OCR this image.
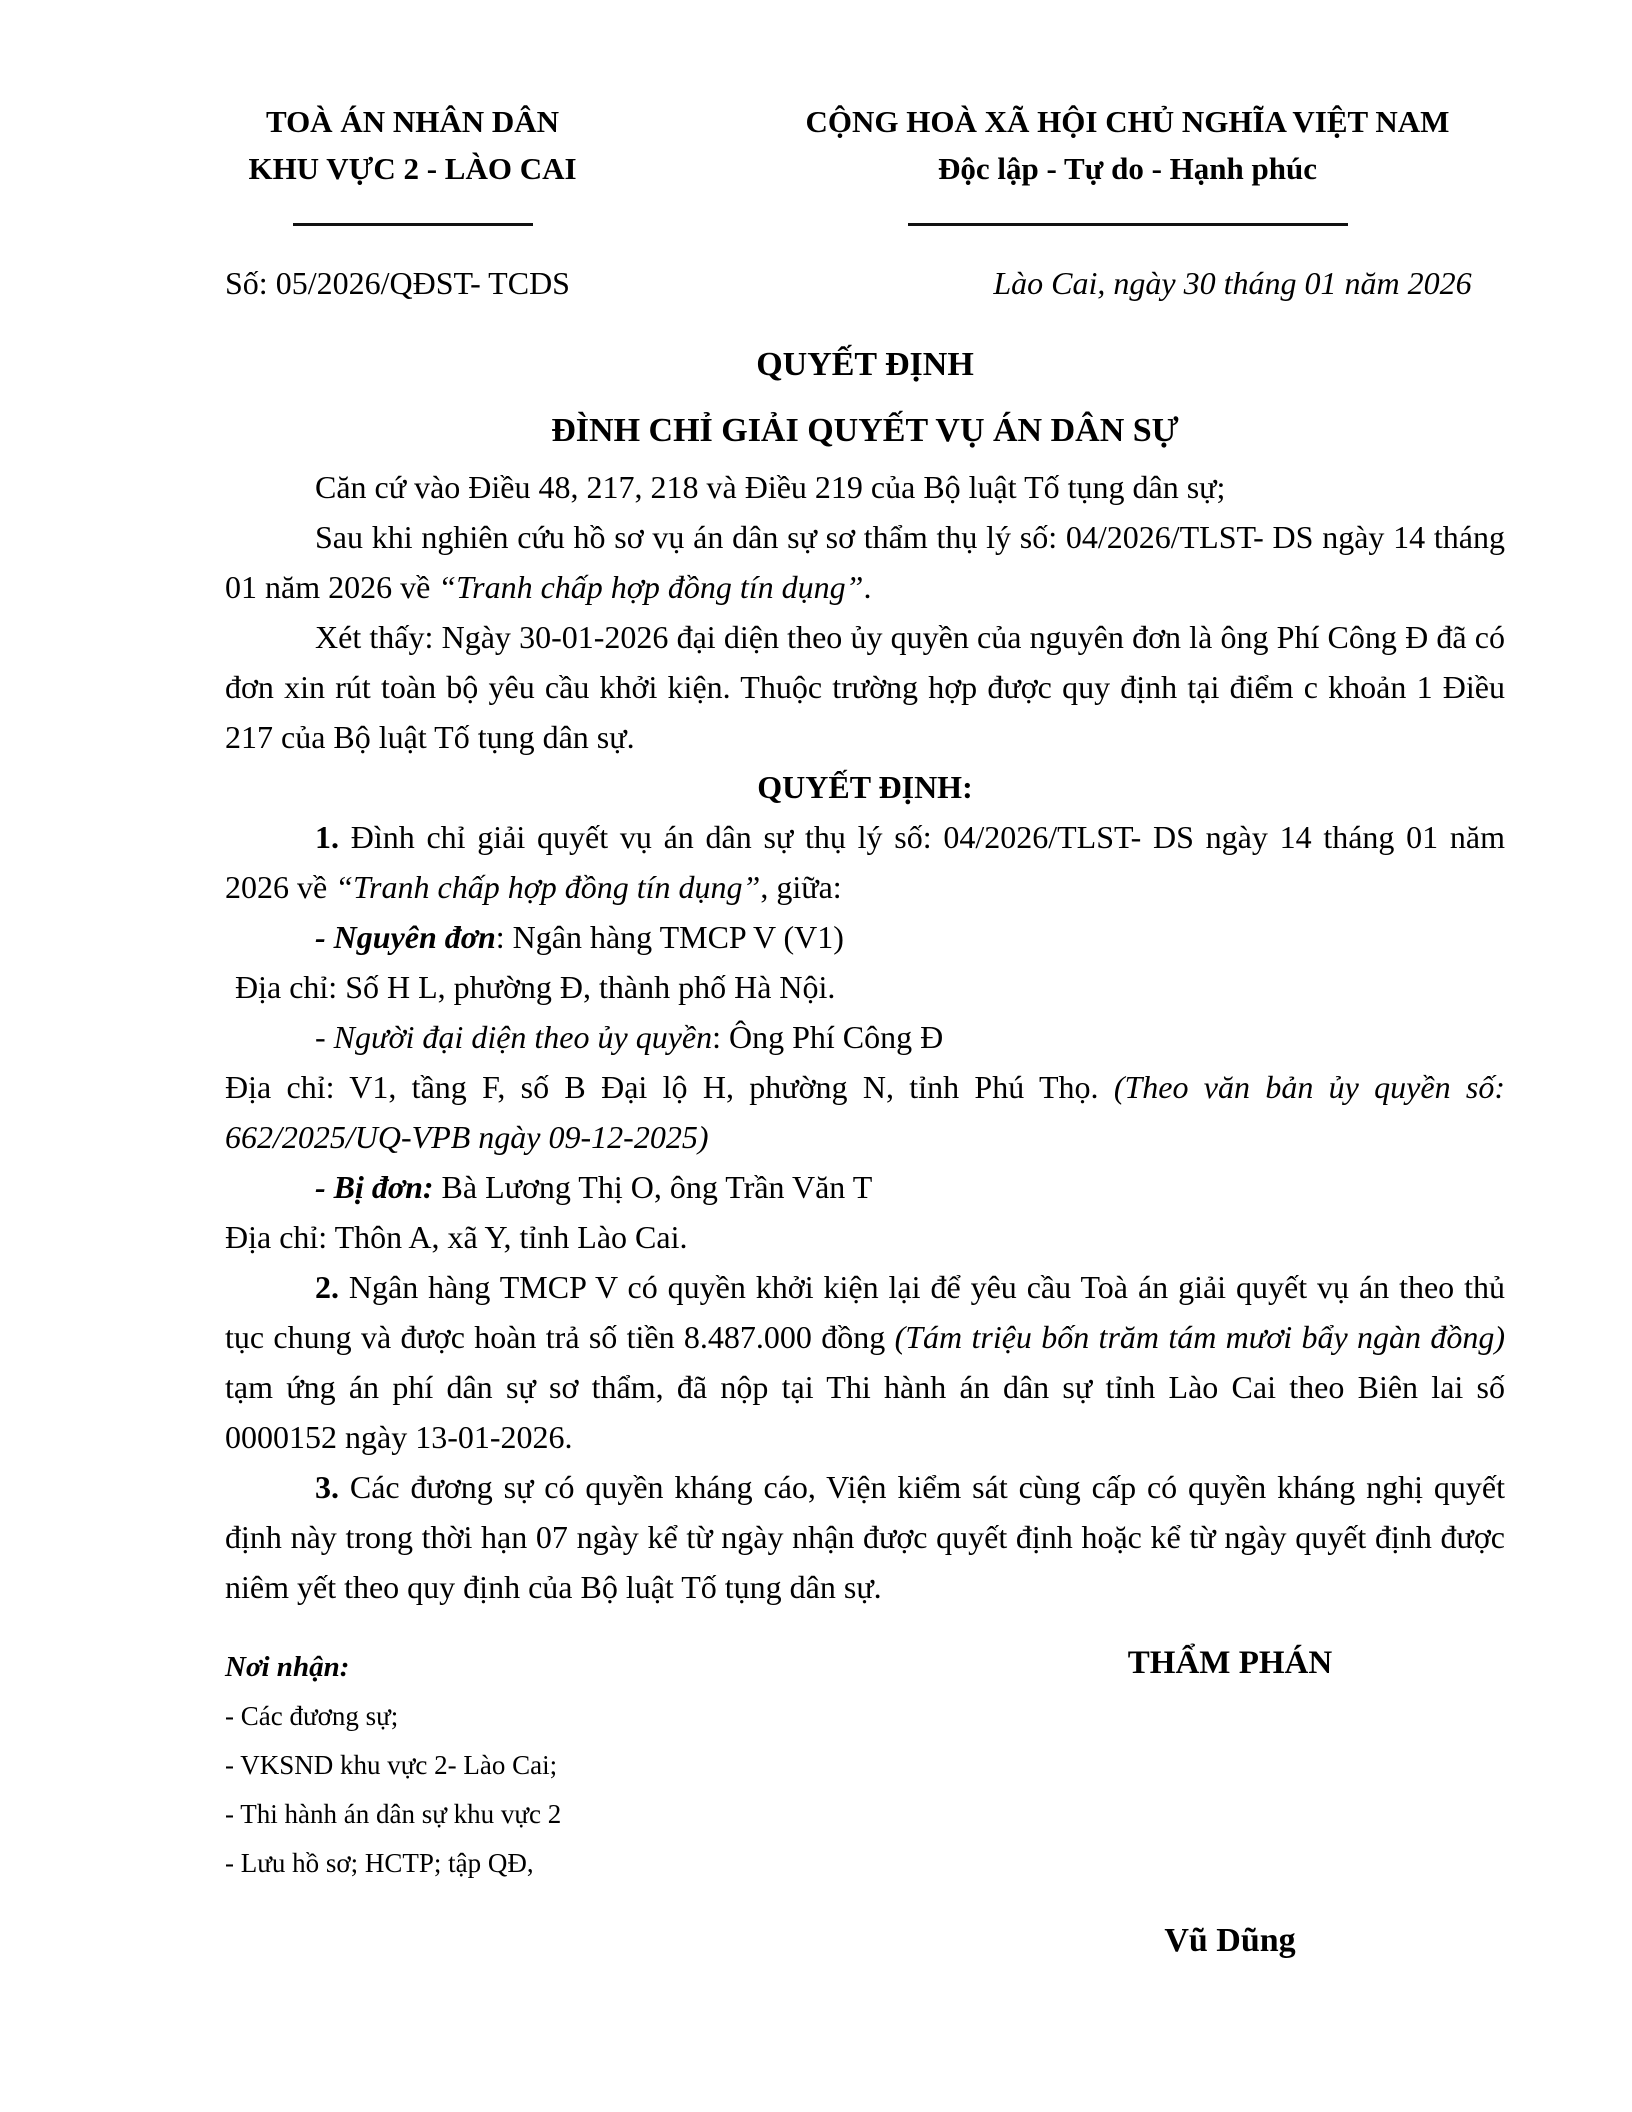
TOÀ ÁN NHÂN DÂN
KHU VỰC 2 - LÀO CAI
CỘNG HOÀ XÃ HỘI CHỦ NGHĨA VIỆT NAM
Độc lập - Tự do - Hạnh phúc
Số: 05/2026/QĐST- TCDS	Lào Cai, ngày 30 tháng 01 năm 2026
QUYẾT ĐỊNH
ĐÌNH CHỈ GIẢI QUYẾT VỤ ÁN DÂN SỰ

Căn cứ vào Điều 48, 217, 218 và Điều 219 của Bộ luật Tố tụng dân sự;

Sau khi nghiên cứu hồ sơ vụ án dân sự sơ thẩm thụ lý số: 04/2026/TLST- DS ngày 14 tháng 01 năm 2026 về “Tranh chấp hợp đồng tín dụng”.

Xét thấy: Ngày 30-01-2026 đại diện theo ủy quyền của nguyên đơn là ông Phí Công Đ đã có đơn xin rút toàn bộ yêu cầu khởi kiện. Thuộc trường hợp được quy định tại điểm c khoản 1 Điều 217 của Bộ luật Tố tụng dân sự.

QUYẾT ĐỊNH:

1. Đình chỉ giải quyết vụ án dân sự thụ lý số: 04/2026/TLST- DS ngày 14 tháng 01 năm 2026 về “Tranh chấp hợp đồng tín dụng”, giữa:

- Nguyên đơn: Ngân hàng TMCP V (V1)

Địa chỉ: Số H L, phường Đ, thành phố Hà Nội.

- Người đại diện theo ủy quyền: Ông Phí Công Đ

Địa chỉ: V1, tầng F, số B Đại lộ H, phường N, tỉnh Phú Thọ. (Theo văn bản ủy quyền số: 662/2025/UQ-VPB ngày 09-12-2025)

- Bị đơn: Bà Lương Thị O, ông Trần Văn T

Địa chỉ: Thôn A, xã Y, tỉnh Lào Cai.

2. Ngân hàng TMCP V có quyền khởi kiện lại để yêu cầu Toà án giải quyết vụ án theo thủ tục chung và được hoàn trả số tiền 8.487.000 đồng (Tám triệu bốn trăm tám mươi bẩy ngàn đồng) tạm ứng án phí dân sự sơ thẩm, đã nộp tại Thi hành án dân sự tỉnh Lào Cai theo Biên lai số 0000152 ngày 13-01-2026.

3. Các đương sự có quyền kháng cáo, Viện kiểm sát cùng cấp có quyền kháng nghị quyết định này trong thời hạn 07 ngày kể từ ngày nhận được quyết định hoặc kể từ ngày quyết định được niêm yết theo quy định của Bộ luật Tố tụng dân sự.

Nơi nhận:
- Các đương sự;
- VKSND khu vực 2- Lào Cai;
- Thi hành án dân sự khu vực 2
- Lưu hồ sơ; HCTP; tập QĐ,
THẨM PHÁN
Vũ Dũng
